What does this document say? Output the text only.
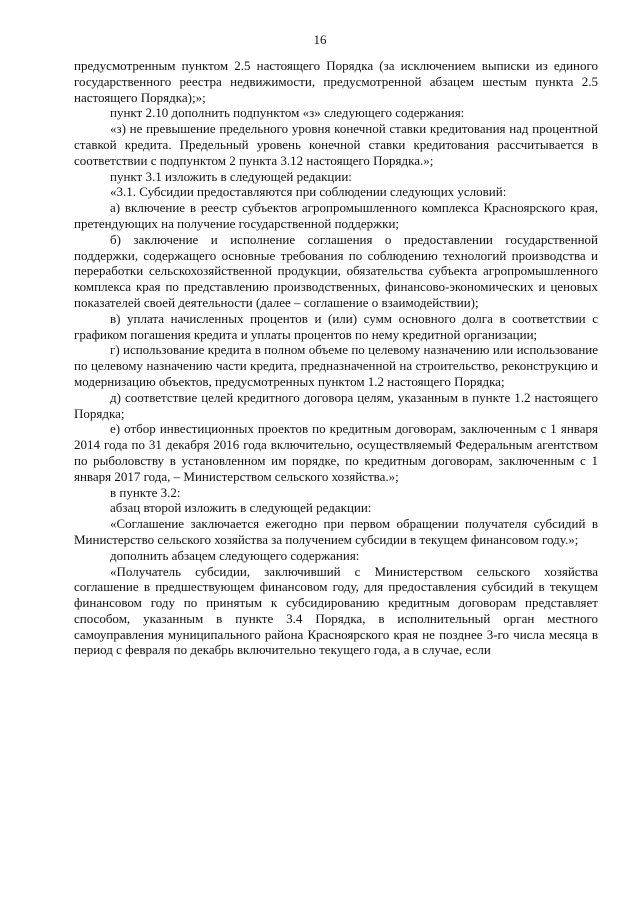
16

предусмотренным пунктом 2.5 настоящего Порядка (за исключением выписки из единого государственного реестра недвижимости, предусмотренной абзацем шестым пункта 2.5 настоящего Порядка);»;

пункт 2.10 дополнить подпунктом «з» следующего содержания:

«з) не превышение предельного уровня конечной ставки кредитования над процентной ставкой кредита. Предельный уровень конечной ставки кредитования рассчитывается в соответствии с подпунктом 2 пункта 3.12 настоящего Порядка.»;

пункт 3.1 изложить в следующей редакции:

«3.1. Субсидии предоставляются при соблюдении следующих условий:

а) включение в реестр субъектов агропромышленного комплекса Красноярского края, претендующих на получение государственной поддержки;

б) заключение и исполнение соглашения о предоставлении государственной поддержки, содержащего основные требования по соблюдению технологий производства и переработки сельскохозяйственной продукции, обязательства субъекта агропромышленного комплекса края по представлению производственных, финансово-экономических и ценовых показателей своей деятельности (далее – соглашение о взаимодействии);

в) уплата начисленных процентов и (или) сумм основного долга в соответствии с графиком погашения кредита и уплаты процентов по нему кредитной организации;

г) использование кредита в полном объеме по целевому назначению или использование по целевому назначению части кредита, предназначенной на строительство, реконструкцию и модернизацию объектов, предусмотренных пунктом 1.2 настоящего Порядка;

д) соответствие целей кредитного договора целям, указанным в пункте 1.2 настоящего Порядка;

е) отбор инвестиционных проектов по кредитным договорам, заключенным с 1 января 2014 года по 31 декабря 2016 года включительно, осуществляемый Федеральным агентством по рыболовству в установленном им порядке, по кредитным договорам, заключенным с 1 января 2017 года, – Министерством сельского хозяйства.»;

в пункте 3.2:

абзац второй изложить в следующей редакции:

«Соглашение заключается ежегодно при первом обращении получателя субсидий в Министерство сельского хозяйства за получением субсидии в текущем финансовом году.»;

дополнить абзацем следующего содержания:

«Получатель субсидии, заключивший с Министерством сельского хозяйства соглашение в предшествующем финансовом году, для предоставления субсидий в текущем финансовом году по принятым к субсидированию кредитным договорам представляет способом, указанным в пункте 3.4 Порядка, в исполнительный орган местного самоуправления муниципального района Красноярского края не позднее 3-го числа месяца в период с февраля по декабрь включительно текущего года, а в случае, если
